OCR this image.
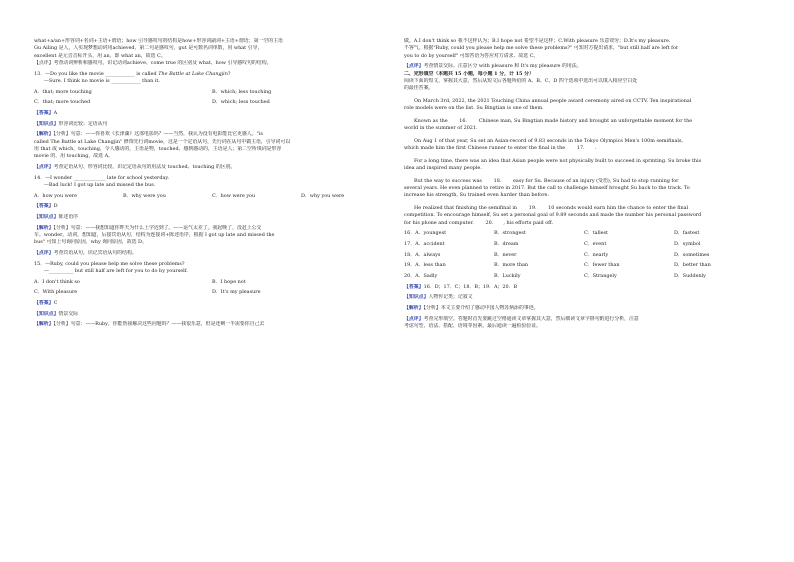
what+a/an+形容词+名词+主语+谓语；how 引导感叹句的结构是how+形容词副词+主语+谓语；第一空的主语
Gu Ailing 是人，人实现梦想动词用achieved，第二句是感叹句，gut 是可数名词单数，用 what 引导，
excellent 是元音音标开头，用 an，即 what an，故选 C。
【点评】考查动词辨析和感叹句。识记动词achieve、come true 的区别及 what、how 引导感叹句的结构。
13．—Do you like the movie ____________ is called The Battle at Lake Changjin?
—Sure. I think no movie is ____________ than it.
A．that; more touching	B．which; less touching
C．that; more touched	D．which; less touched
【答案】A
【知识点】形容词比较；定语从句
【解析】【分析】句意：——你喜欢《长津湖》这部电影吗？——当然，我认为没有电影能比它更感人。"is
called The Battle at Lake Changjin" 修饰先行词movie，这是一个定语从句，先行词在从句中做主语，引导词可以
用 that 或 which，touching，令人感动的，主语是物，touched，感到感动的，主语是人；第二空所填词是形容
movie 的，用 touching，故选 A。
【点评】考查定语从句、形容词比较。识记定语从句的用法及 touched、touching 的区别。
14．—I wonder _____________ late for school yesterday.
—Bad luck! I got up late and missed the bus.
A．how you were	B．why were you	C．how were you	D．why you were
【答案】D
【知识点】陈述语序
【解析】【分析】句意：——我想知道你昨天为什么上学迟到了。——运气太差了。我起晚了，没赶上公交
车。wonder，动词，想知道，后接宾语从句，结构为连接词+陈述语序，根据 I got up late and missed the
bus" 可知上句询问原因，why 询问原因，故选 D。
【点评】考查宾语从句。识记宾语从句的结构。
15．—Ruby, could you please help me solve these problems?
—__________ but still half are left for you to do by yourself.
A．I don't think so	B．I hope not
C．With pleasure	D．It's my pleasure
【答案】C
【知识点】情景交际
【解析】【分析】句意：——Ruby，你能帮我解决这些问题吗？——我很乐意，但是还剩一半需要你自己去
做。A.I don't think so 我不这样认为；B.I hope not 希望不是这样；C.With pleasure 乐意效劳；D.It's my pleasure.
不客气。根据"Ruby, could you please help me solve these problems?" 可知对方提出请求，"but still half are left for
you to do by yourself" 可知答语为答应对方请求，故选 C。
【点评】考查情景交际。注意区分 with pleasure 和 It's my pleasure 的用法。
二、完形填空（本题共 15 小题，每小题 1 分，计 15 分）
阅读下面的短文，掌握其大意，然后从短文后各题所给的 A、B、C、D 四个选项中选出可以填入相应空白处
的最佳答案。
On March 3rd, 2022, the 2021 Touching China annual people award ceremony aired on CCTV. Ten inspirational
role models were on the list. Su Bingtian is one of them.
Known as the 16. Chinese man, Su Bingtian made history and brought an unforgettable moment for the
world in the summer of 2021.
On Aug 1 of that year, Su set an Asian-record of 9.83 seconds in the Tokyo Olympics Men's 100m semifinals,
which made him the first Chinese runner to enter the final in the 17. .
For a long time, there was an idea that Asian people were not physically built to succeed in sprinting. Su broke this
idea and inspired many people.
But the way to success was 18. easy for Su. Because of an injury (受伤), Su had to stop running for
several years. He even planned to retire in 2017. But the call to challenge himself brought Su back to the track. To
increase his strength, Su trained even harder than before.
He realized that finishing the semifinal in 19. 10 seconds would earn him the chance to enter the final
competition. To encourage himself, Su set a personal goal of 9.89 seconds and made the number his personal password
for his phone and computer. 20. , his efforts paid off.
16．A．youngest	B．strongest	C．tallest	D．fastest
17．A．accident	B．dream	C．event	D．symbol
18．A．always	B．never	C．nearly	D．sometimes
19．A．less than	B．more than	C．fewer than	D．better than
20．A．Sadly	B．Luckily	C．Strangely	D．Suddenly
【答案】16．D；17．C；18．B；19．A；20．B
【知识点】人物传记类；记叙文
【解析】【分析】本文主要介绍了感动中国人物苏炳添的事迹。
【点评】考查完形填空。答题时首先要跳过空格通读文章掌握其大意，然后细读文章字斟句酌进行分析，注意
考虑句型、语法、搭配、语境等因素。最后通读一遍检验验证。
